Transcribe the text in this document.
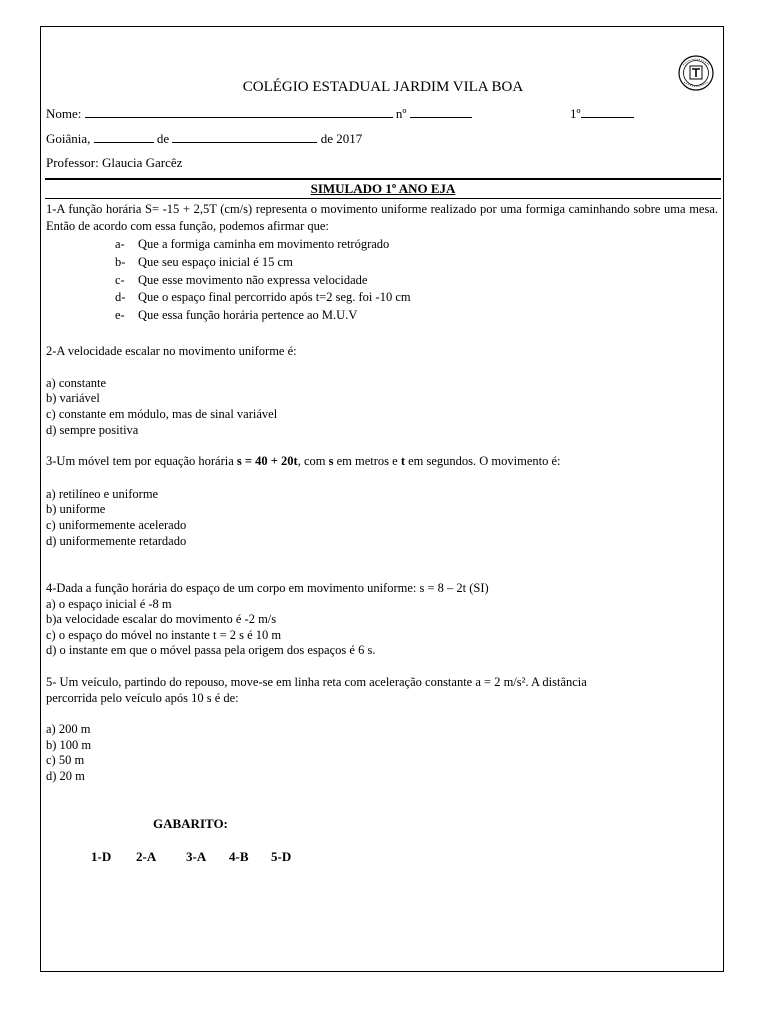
COLÉGIO ESTADUAL JARDIM VILA BOA
Nome:	nº	1º
Goiânia,	de	de 2017
Professor: Glaucia Garcêz
SIMULADO 1º ANO EJA
1-A função horária S= -15 + 2,5T (cm/s) representa o movimento uniforme realizado por uma formiga caminhando sobre uma mesa. Então de acordo com essa função, podemos afirmar que:
a- Que a formiga caminha em movimento retrógrado
b- Que seu espaço inicial é 15 cm
c- Que esse movimento não expressa velocidade
d- Que o espaço final percorrido após t=2 seg. foi -10 cm
e- Que essa função horária pertence ao M.U.V
2-A velocidade escalar no movimento uniforme é:
a) constante
b) variável
c) constante em módulo, mas de sinal variável
d) sempre positiva
3-Um móvel tem por equação horária s = 40 + 20t, com s em metros e t em segundos. O movimento é:
a) retilíneo e uniforme
b) uniforme
c) uniformemente acelerado
d) uniformemente retardado
4-Dada a função horária do espaço de um corpo em movimento uniforme: s = 8 – 2t (SI)
a) o espaço inicial é -8 m
b)a velocidade escalar do movimento é -2 m/s
c) o espaço do móvel no instante t = 2 s é 10 m
d) o instante em que o móvel passa pela origem dos espaços é 6 s.
5- Um veículo, partindo do repouso, move-se em linha reta com aceleração constante a = 2 m/s². A distância
percorrida pelo veículo após 10 s é de:
a) 200 m
b) 100 m
c) 50 m
d) 20 m
GABARITO:
1-D 2-A 3-A 4-B 5-D
